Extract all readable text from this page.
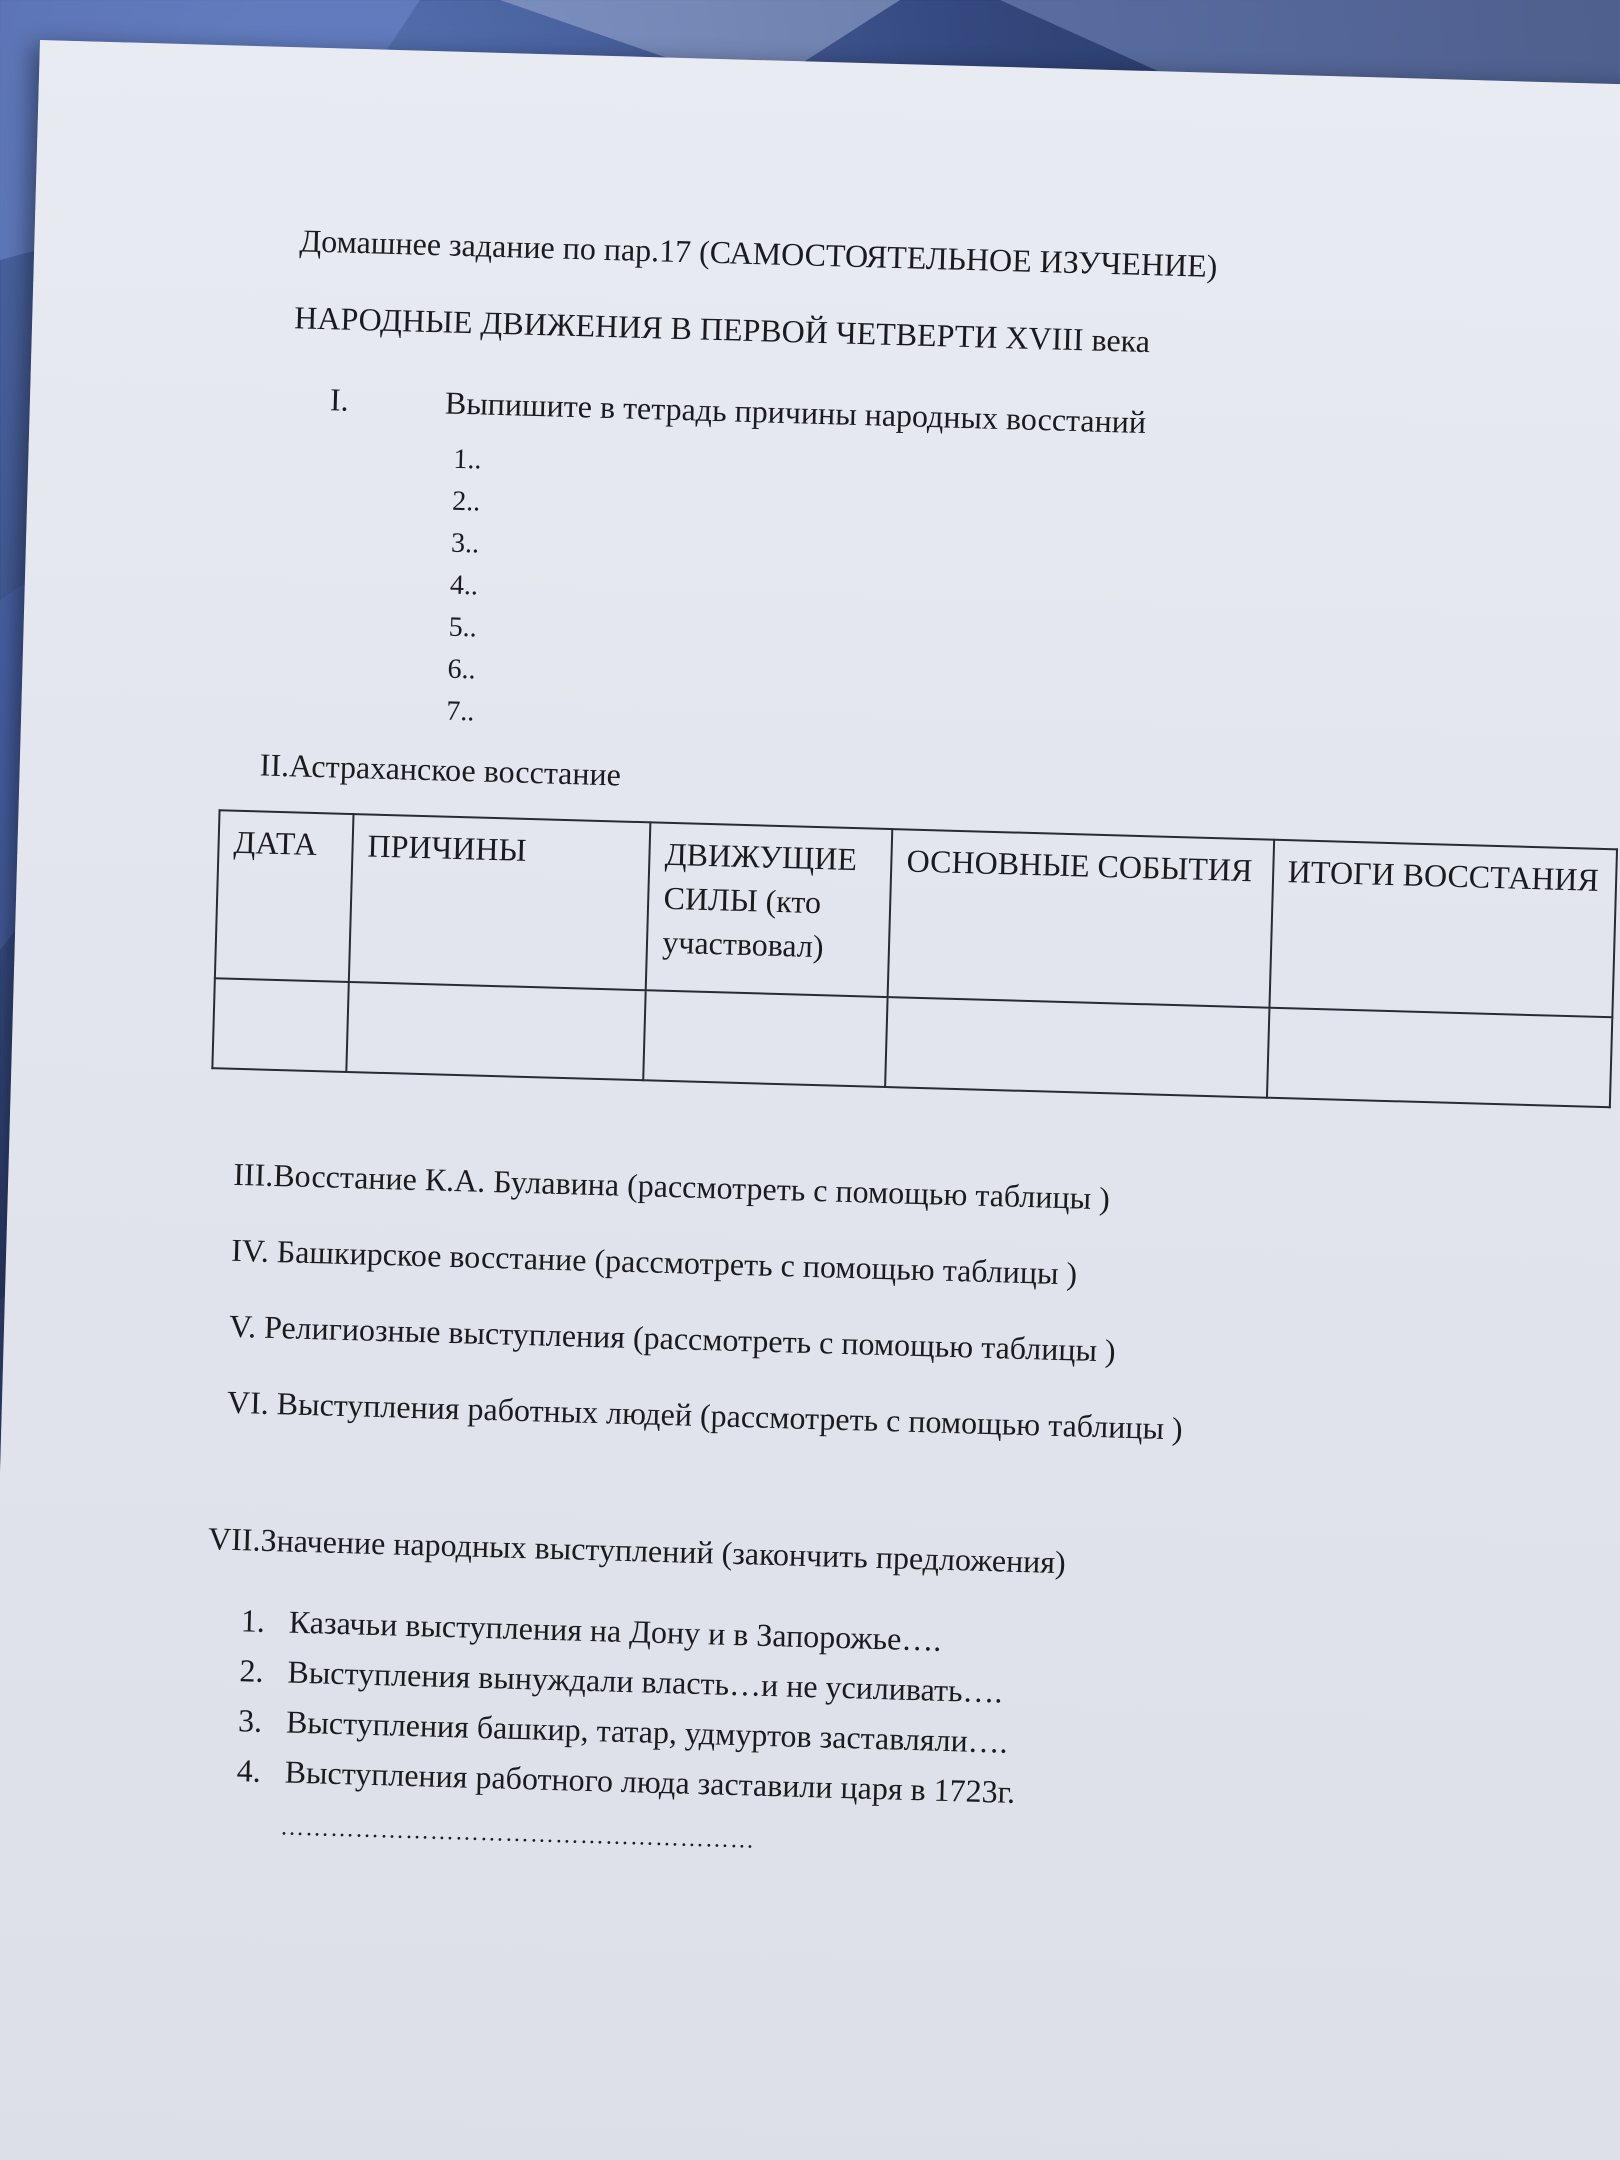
Домашнее задание по пар.17 (САМОСТОЯТЕЛЬНОЕ ИЗУЧЕНИЕ)
НАРОДНЫЕ ДВИЖЕНИЯ В ПЕРВОЙ ЧЕТВЕРТИ XVIII века
I.	Выпишите в тетрадь причины народных восстаний
1..
2..
3..
4..
5..
6..
7..
II.Астраханское восстание
ДАТА	ПРИЧИНЫ	ДВИЖУЩИЕ СИЛЫ (кто участвовал)	ОСНОВНЫЕ СОБЫТИЯ	ИТОГИ ВОССТАНИЯ

III.Восстание К.А. Булавина (рассмотреть с помощью таблицы )
IV. Башкирское восстание (рассмотреть с помощью таблицы )
V. Религиозные выступления (рассмотреть с помощью таблицы )
VI. Выступления работных людей (рассмотреть с помощью таблицы )
VII.Значение народных выступлений (закончить предложения)
1. Казачьи выступления на Дону и в Запорожье….
2. Выступления вынуждали власть…и не усиливать….
3. Выступления башкир, татар, удмуртов заставляли….
4. Выступления работного люда заставили царя в 1723г.
…………………………………………………
